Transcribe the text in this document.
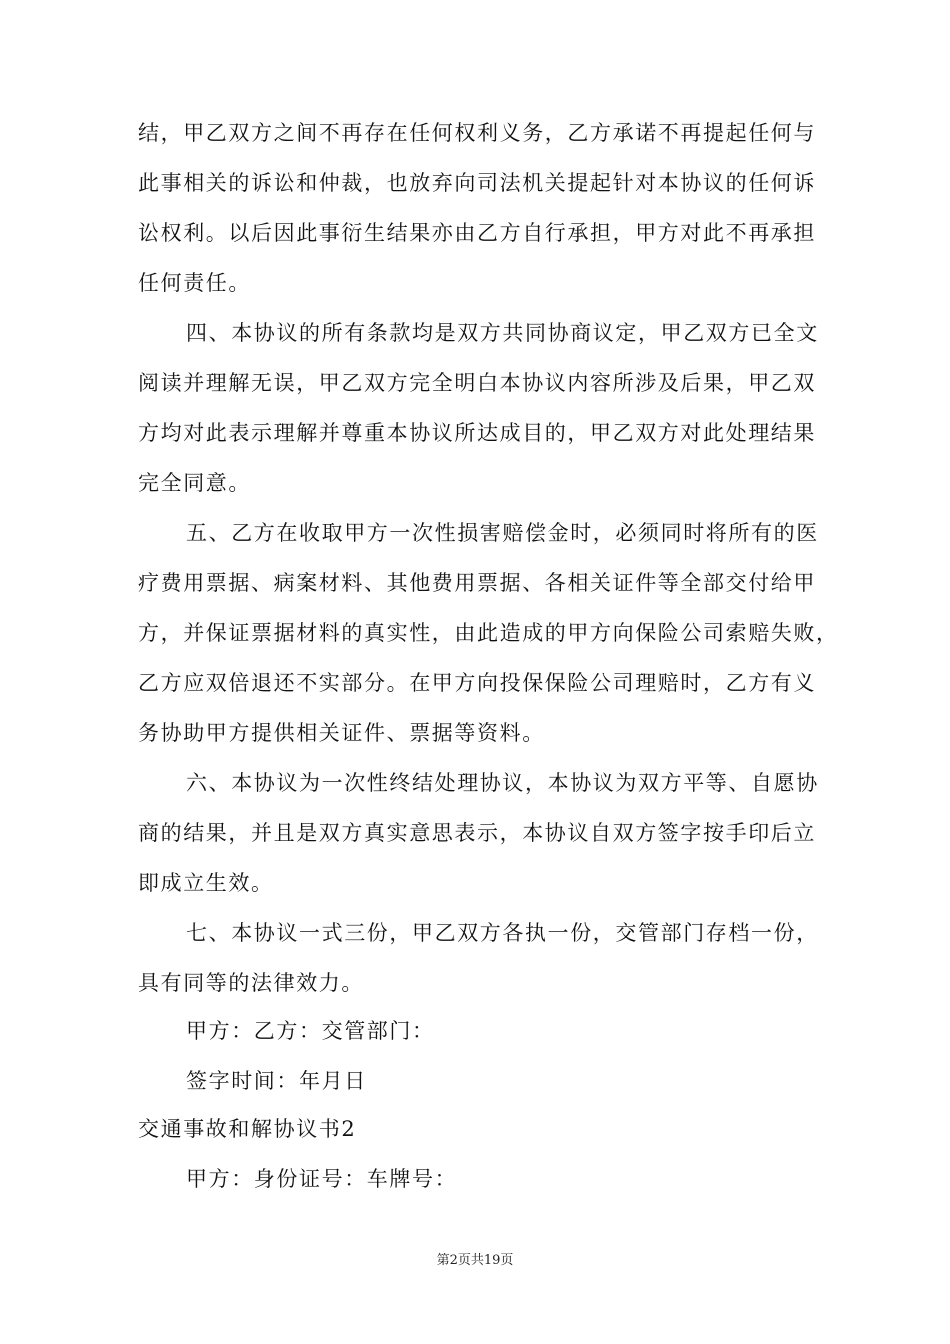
结，甲乙双方之间不再存在任何权利义务，乙方承诺不再提起任何与
此事相关的诉讼和仲裁，也放弃向司法机关提起针对本协议的任何诉
讼权利。以后因此事衍生结果亦由乙方自行承担，甲方对此不再承担
任何责任。
四、本协议的所有条款均是双方共同协商议定，甲乙双方已全文
阅读并理解无误，甲乙双方完全明白本协议内容所涉及后果，甲乙双
方均对此表示理解并尊重本协议所达成目的，甲乙双方对此处理结果
完全同意。
五、乙方在收取甲方一次性损害赔偿金时，必须同时将所有的医
疗费用票据、病案材料、其他费用票据、各相关证件等全部交付给甲
方，并保证票据材料的真实性，由此造成的甲方向保险公司索赔失败，
乙方应双倍退还不实部分。在甲方向投保保险公司理赔时，乙方有义
务协助甲方提供相关证件、票据等资料。
六、本协议为一次性终结处理协议，本协议为双方平等、自愿协
商的结果，并且是双方真实意思表示，本协议自双方签字按手印后立
即成立生效。
七、本协议一式三份，甲乙双方各执一份，交管部门存档一份，
具有同等的法律效力。
甲方：乙方：交管部门：
签字时间：年月日
交通事故和解协议书2
甲方：身份证号：车牌号：
第2页共19页
